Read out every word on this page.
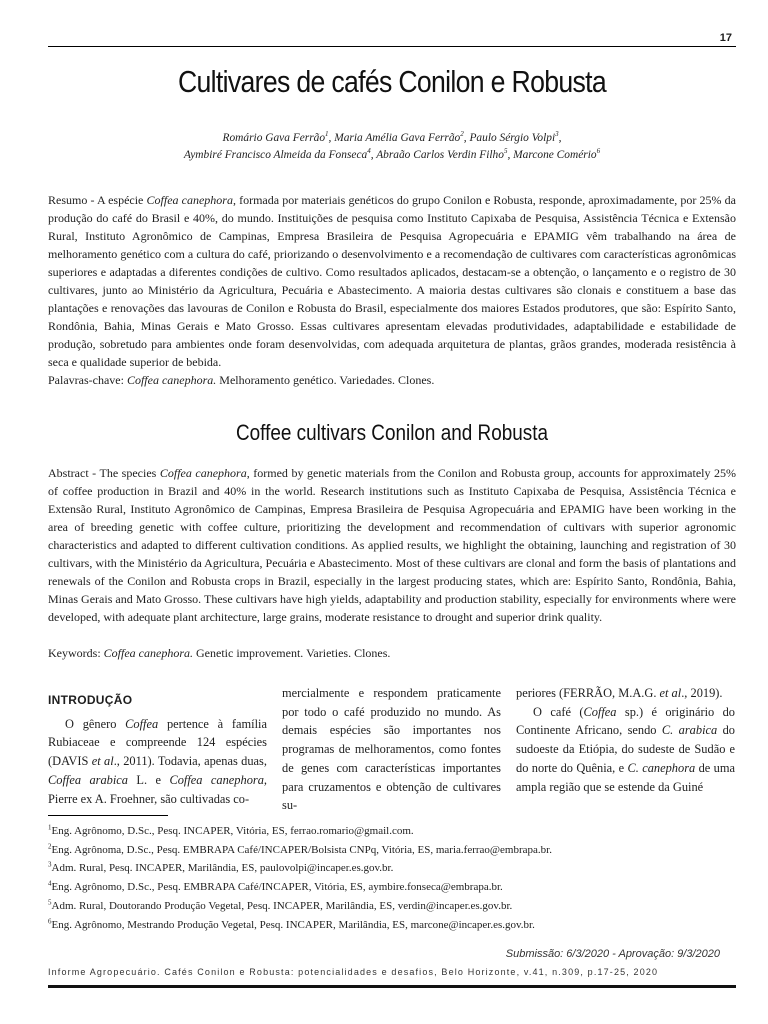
17
Cultivares de cafés Conilon e Robusta
Romário Gava Ferrão$^1$, Maria Amélia Gava Ferrão$^2$, Paulo Sérgio Volpi$^3$,
Aymbiré Francisco Almeida da Fonseca$^4$, Abraão Carlos Verdin Filho$^5$, Marcone Comério$^6$

Resumo - A espécie Coffea canephora, formada por materiais genéticos do grupo Conilon e Robusta, responde, aproximadamente, por 25% da produção do café do Brasil e 40%, do mundo. Instituições de pesquisa como Instituto Capixaba de Pesquisa, Assistência Técnica e Extensão Rural, Instituto Agronômico de Campinas, Empresa Brasileira de Pesquisa Agropecuária e EPAMIG vêm trabalhando na área de melhoramento genético com a cultura do café, priorizando o desenvolvimento e a recomendação de cultivares com características agronômicas superiores e adaptadas a diferentes condições de cultivo. Como resultados aplicados, destacam-se a obtenção, o lançamento e o registro de 30 cultivares, junto ao Ministério da Agricultura, Pecuária e Abastecimento. A maioria destas cultivares são clonais e constituem a base das plantações e renovações das lavouras de Conilon e Robusta do Brasil, especialmente dos maiores Estados produtores, que são: Espírito Santo, Rondônia, Bahia, Minas Gerais e Mato Grosso. Essas cultivares apresentam elevadas produtividades, adaptabilidade e estabilidade de produção, sobretudo para ambientes onde foram desenvolvidas, com adequada arquitetura de plantas, grãos grandes, moderada resistência à seca e qualidade superior de bebida.

Palavras-chave: Coffea canephora. Melhoramento genético. Variedades. Clones.
Coffee cultivars Conilon and Robusta

Abstract - The species Coffea canephora, formed by genetic materials from the Conilon and Robusta group, accounts for approximately 25% of coffee production in Brazil and 40% in the world. Research institutions such as Instituto Capixaba de Pesquisa, Assistência Técnica e Extensão Rural, Instituto Agronômico de Campinas, Empresa Brasileira de Pesquisa Agropecuária and EPAMIG have been working in the area of breeding genetic with coffee culture, prioritizing the development and recommendation of cultivars with superior agronomic characteristics and adapted to different cultivation conditions. As applied results, we highlight the obtaining, launching and registration of 30 cultivars, with the Ministério da Agricultura, Pecuária e Abastecimento. Most of these cultivars are clonal and form the basis of plantations and renewals of the Conilon and Robusta crops in Brazil, especially in the largest producing states, which are: Espírito Santo, Rondônia, Bahia, Minas Gerais and Mato Grosso. These cultivars have high yields, adaptability and production stability, especially for environments where were developed, with adequate plant architecture, large grains, moderate resistance to drought and superior drink quality.

Keywords: Coffea canephora. Genetic improvement. Varieties. Clones.

INTRODUÇÃO

O gênero Coffea pertence à família Rubiaceae e compreende 124 espécies (DAVIS et al., 2011). Todavia, apenas duas, Coffea arabica L. e Coffea canephora, Pierre ex A. Froehner, são cultivadas co-

mercialmente e respondem praticamente por todo o café produzido no mundo. As demais espécies são importantes nos programas de melhoramentos, como fontes de genes com características importantes para cruzamentos e obtenção de cultivares su-

periores (FERRÃO, M.A.G. et al., 2019).

O café (Coffea sp.) é originário do Continente Africano, sendo C. arabica do sudoeste da Etiópia, do sudeste de Sudão e do norte do Quênia, e C. canephora de uma ampla região que se estende da Guiné

$^1$Eng. Agrônomo, D.Sc., Pesq. INCAPER, Vitória, ES, ferrao.romario@gmail.com.
$^2$Eng. Agrônoma, D.Sc., Pesq. EMBRAPA Café/INCAPER/Bolsista CNPq, Vitória, ES, maria.ferrao@embrapa.br.
$^3$Adm. Rural, Pesq. INCAPER, Marilândia, ES, paulovolpi@incaper.es.gov.br.
$^4$Eng. Agrônomo, D.Sc., Pesq. EMBRAPA Café/INCAPER, Vitória, ES, aymbire.fonseca@embrapa.br.
$^5$Adm. Rural, Doutorando Produção Vegetal, Pesq. INCAPER, Marilândia, ES, verdin@incaper.es.gov.br.
$^6$Eng. Agrônomo, Mestrando Produção Vegetal, Pesq. INCAPER, Marilândia, ES, marcone@incaper.es.gov.br.
Submissão: 6/3/2020 - Aprovação: 9/3/2020
Informe Agropecuário. Cafés Conilon e Robusta: potencialidades e desafios, Belo Horizonte, v.41, n.309, p.17-25, 2020
